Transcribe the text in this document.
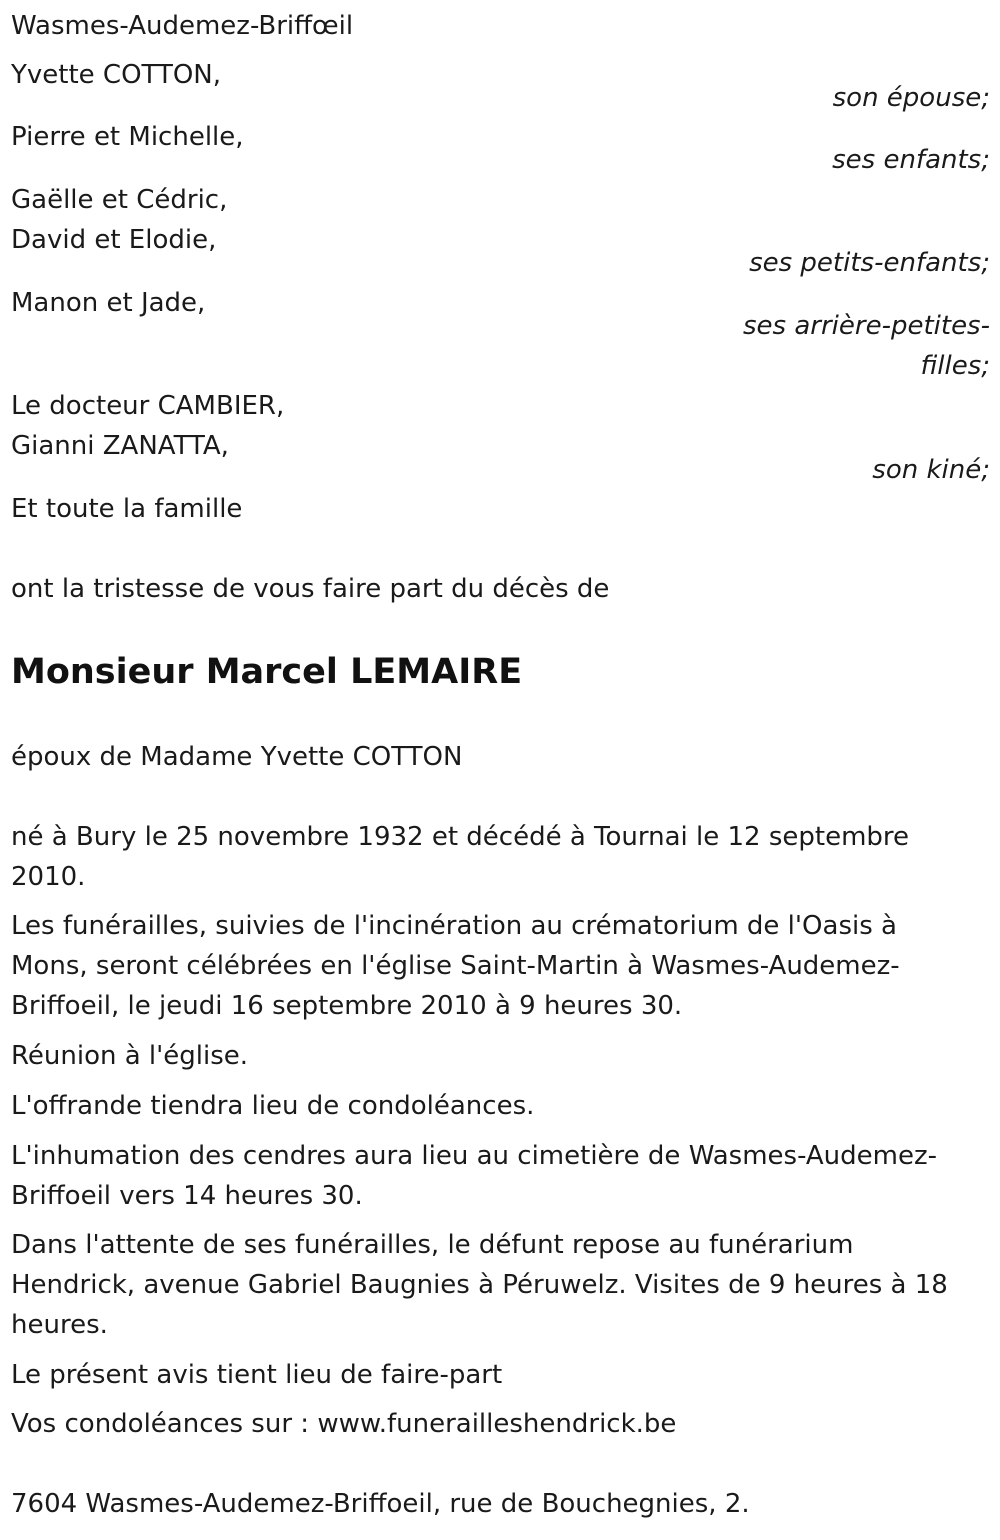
Wasmes-Audemez-Briffœil
Yvette COTTON,
son épouse;
Pierre et Michelle,
ses enfants;
Gaëlle et Cédric,
David et Elodie,
ses petits-enfants;
Manon et Jade,
ses arrière-petites-
filles;
Le docteur CAMBIER,
Gianni ZANATTA,
son kiné;
Et toute la famille
ont la tristesse de vous faire part du décès de
Monsieur Marcel LEMAIRE
époux de Madame Yvette COTTON
né à Bury le 25 novembre 1932 et décédé à Tournai le 12 septembre
2010.
Les funérailles, suivies de l'incinération au crématorium de l'Oasis à
Mons, seront célébrées en l'église Saint-Martin à Wasmes-Audemez-
Briffoeil, le jeudi 16 septembre 2010 à 9 heures 30.
Réunion à l'église.
L'offrande tiendra lieu de condoléances.
L'inhumation des cendres aura lieu au cimetière de Wasmes-Audemez-
Briffoeil vers 14 heures 30.
Dans l'attente de ses funérailles, le défunt repose au funérarium
Hendrick, avenue Gabriel Baugnies à Péruwelz. Visites de 9 heures à 18
heures.
Le présent avis tient lieu de faire-part
Vos condoléances sur : www.funerailleshendrick.be
7604 Wasmes-Audemez-Briffoeil, rue de Bouchegnies, 2.
